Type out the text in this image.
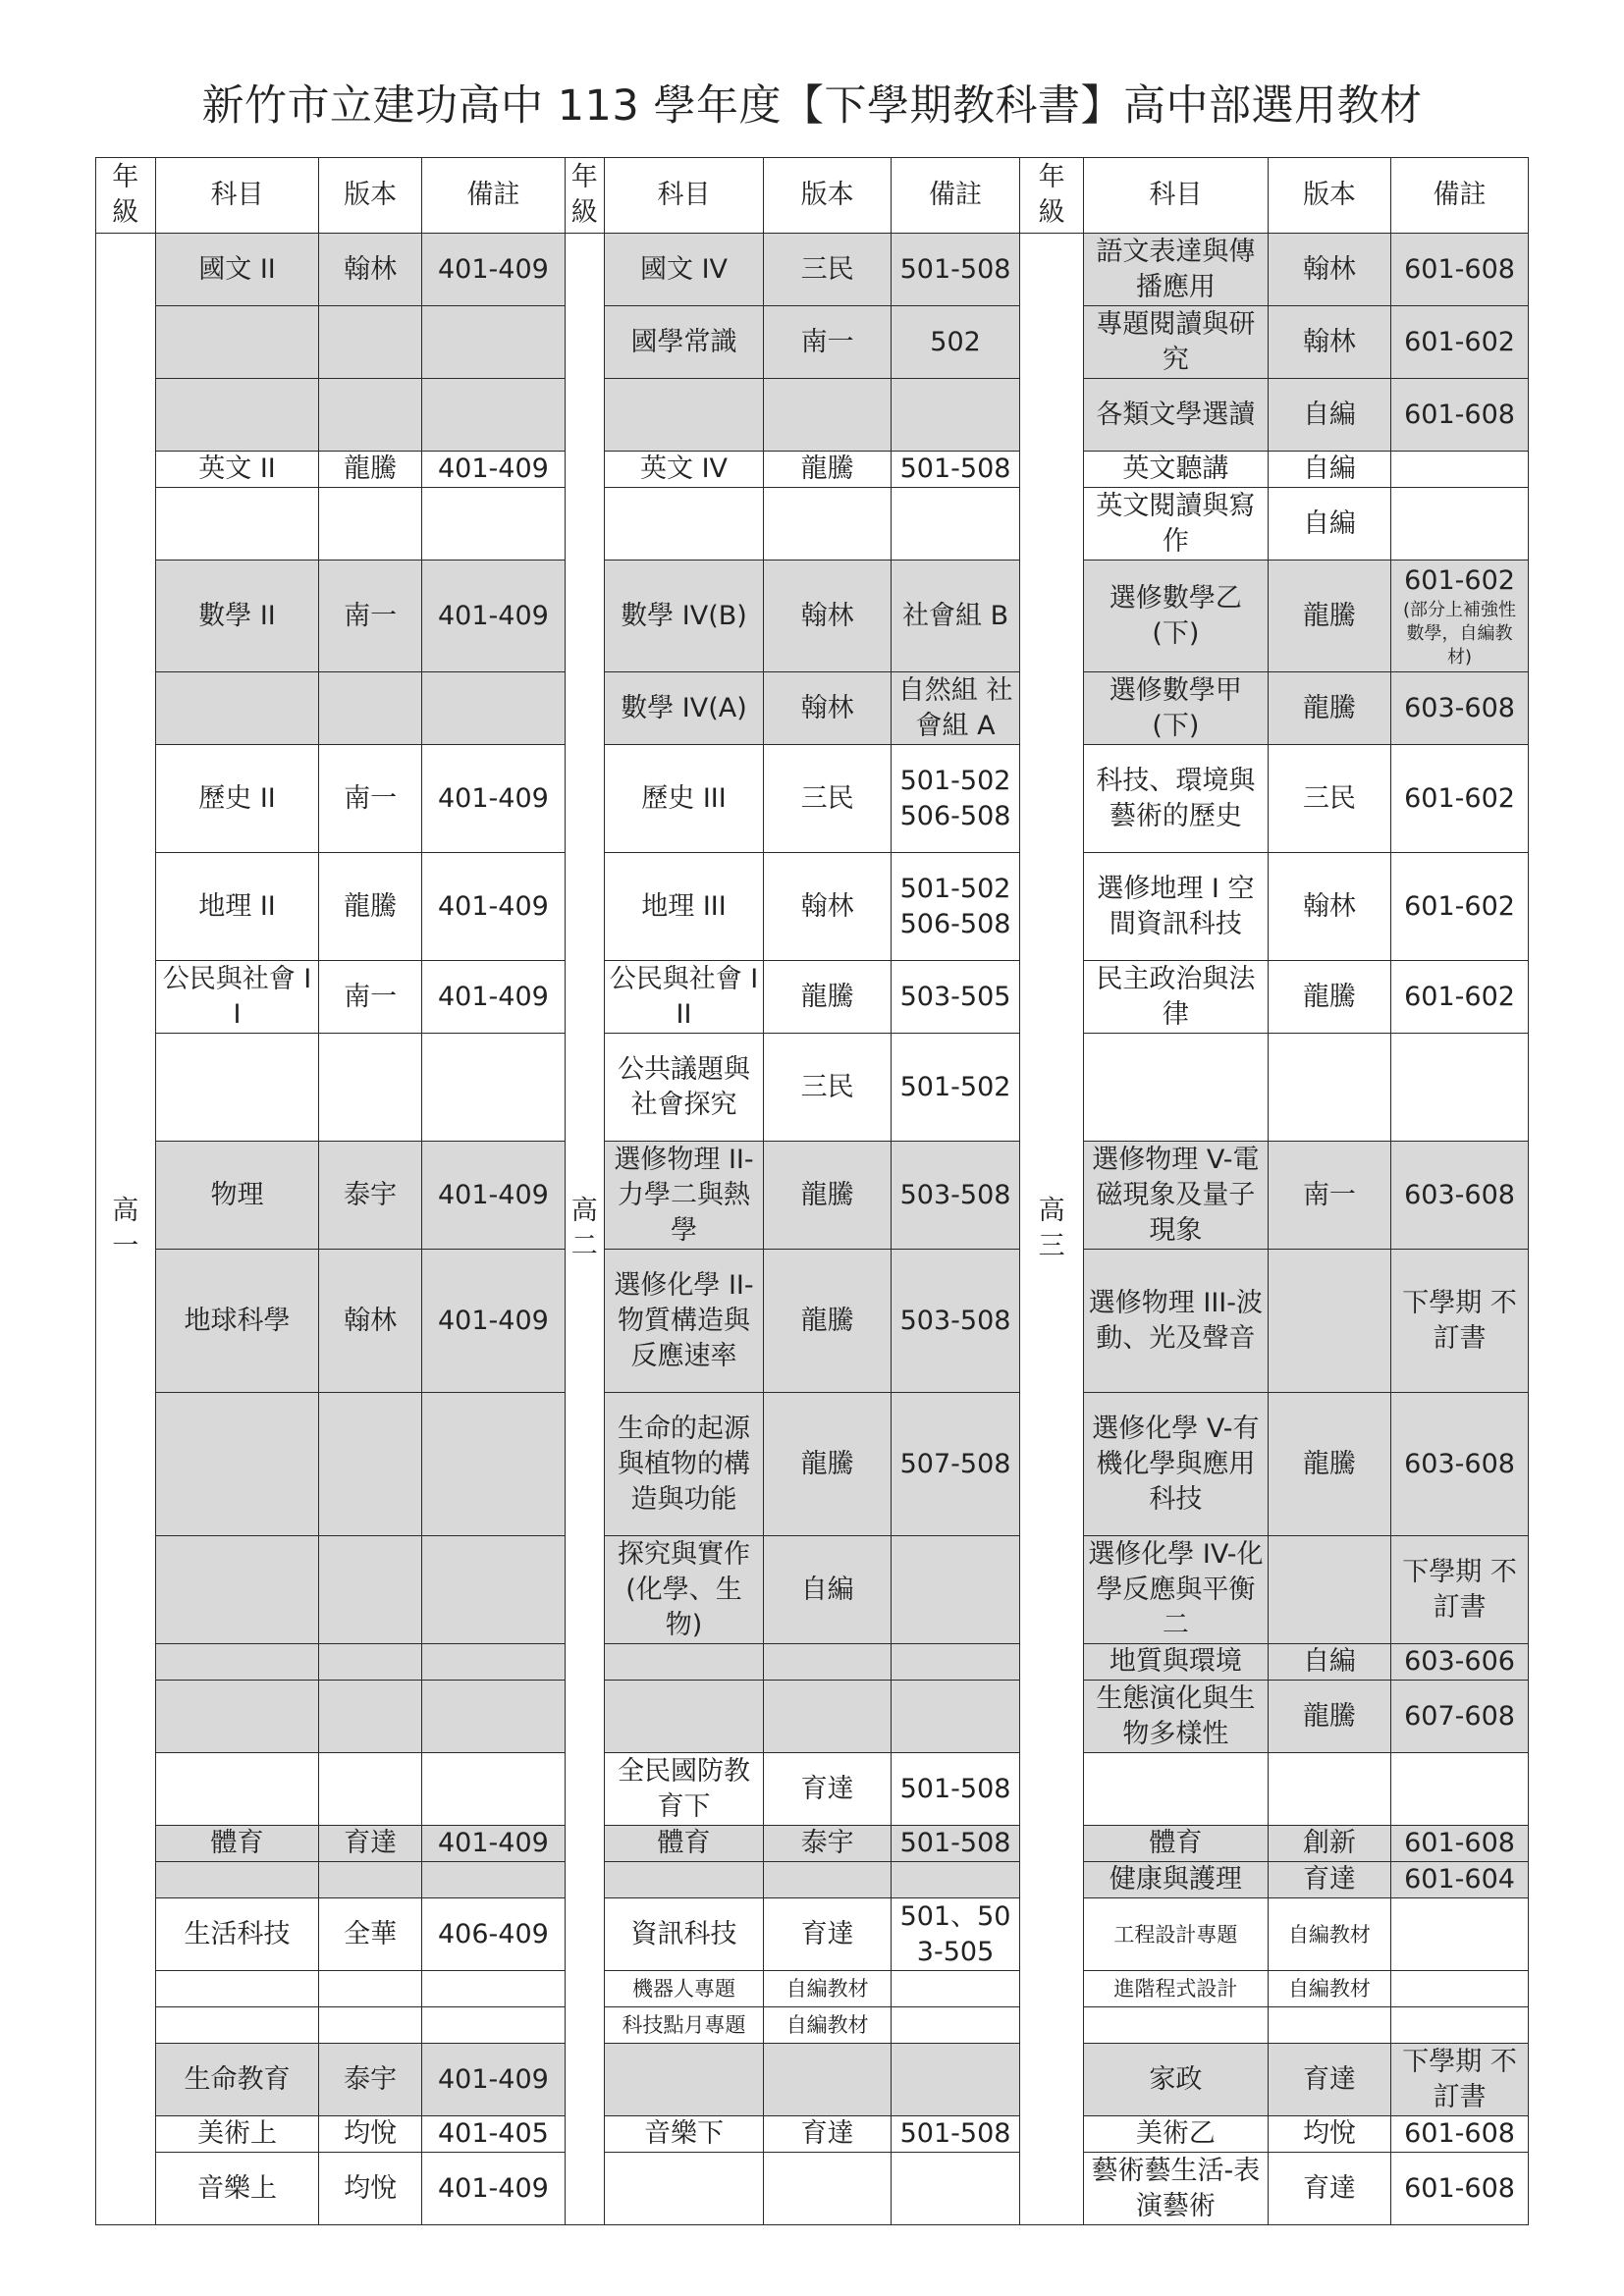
新竹市立建功高中 113 學年度【下學期教科書】高中部選用教材
年級	科目	版本	備註	年級	科目	版本	備註	年級	科目	版本	備註
高一	國文 II	翰林	401-409	高二	國文 IV	三民	501-508	高三	語文表達與傳播應用	翰林	601-608

					國學常識	南一	502		專題閱讀與研究	翰林	601-602

									各類文學選讀	自編	601-608

	英文 II	龍騰	401-409		英文 IV	龍騰	501-508		英文聽講	自編	

									英文閱讀與寫作	自編	

	數學 II	南一	401-409		數學 IV(B)	翰林	社會組 B		選修數學乙(下)	龍騰	601-602
(部分上補強性數學，自編教材)

					數學 IV(A)	翰林	自然組 社會組 A		選修數學甲(下)	龍騰	603-608

	歷史 II	南一	401-409		歷史 III	三民	501-502 506-508		科技、環境與藝術的歷史	三民	601-602

	地理 II	龍騰	401-409		地理 III	翰林	501-502 506-508		選修地理 I 空間資訊科技	翰林	601-602

	公民與社會 II	南一	401-409		公民與社會 III	龍騰	503-505		民主政治與法律	龍騰	601-602

					公共議題與社會探究	三民	501-502				

	物理	泰宇	401-409		選修物理 II-力學二與熱學	龍騰	503-508		選修物理 V-電磁現象及量子現象	南一	603-608

	地球科學	翰林	401-409		選修化學 II-物質構造與反應速率	龍騰	503-508		選修物理 III-波動、光及聲音		下學期 不訂書

					生命的起源與植物的構造與功能	龍騰	507-508		選修化學 V-有機化學與應用科技	龍騰	603-608

					探究與實作(化學、生物)	自編			選修化學 IV-化學反應與平衡二		下學期 不訂書

									地質與環境	自編	603-606

									生態演化與生物多樣性	龍騰	607-608

					全民國防教育下	育達	501-508				

	體育	育達	401-409		體育	泰宇	501-508		體育	創新	601-608

									健康與護理	育達	601-604

	生活科技	全華	406-409		資訊科技	育達	501、503-505		工程設計專題	自編教材	

					機器人專題	自編教材			進階程式設計	自編教材	

					科技點月專題	自編教材					

	生命教育	泰宇	401-409						家政	育達	下學期 不訂書

	美術上	均悅	401-405		音樂下	育達	501-508		美術乙	均悅	601-608

	音樂上	均悅	401-409						藝術藝生活-表演藝術	育達	601-608
